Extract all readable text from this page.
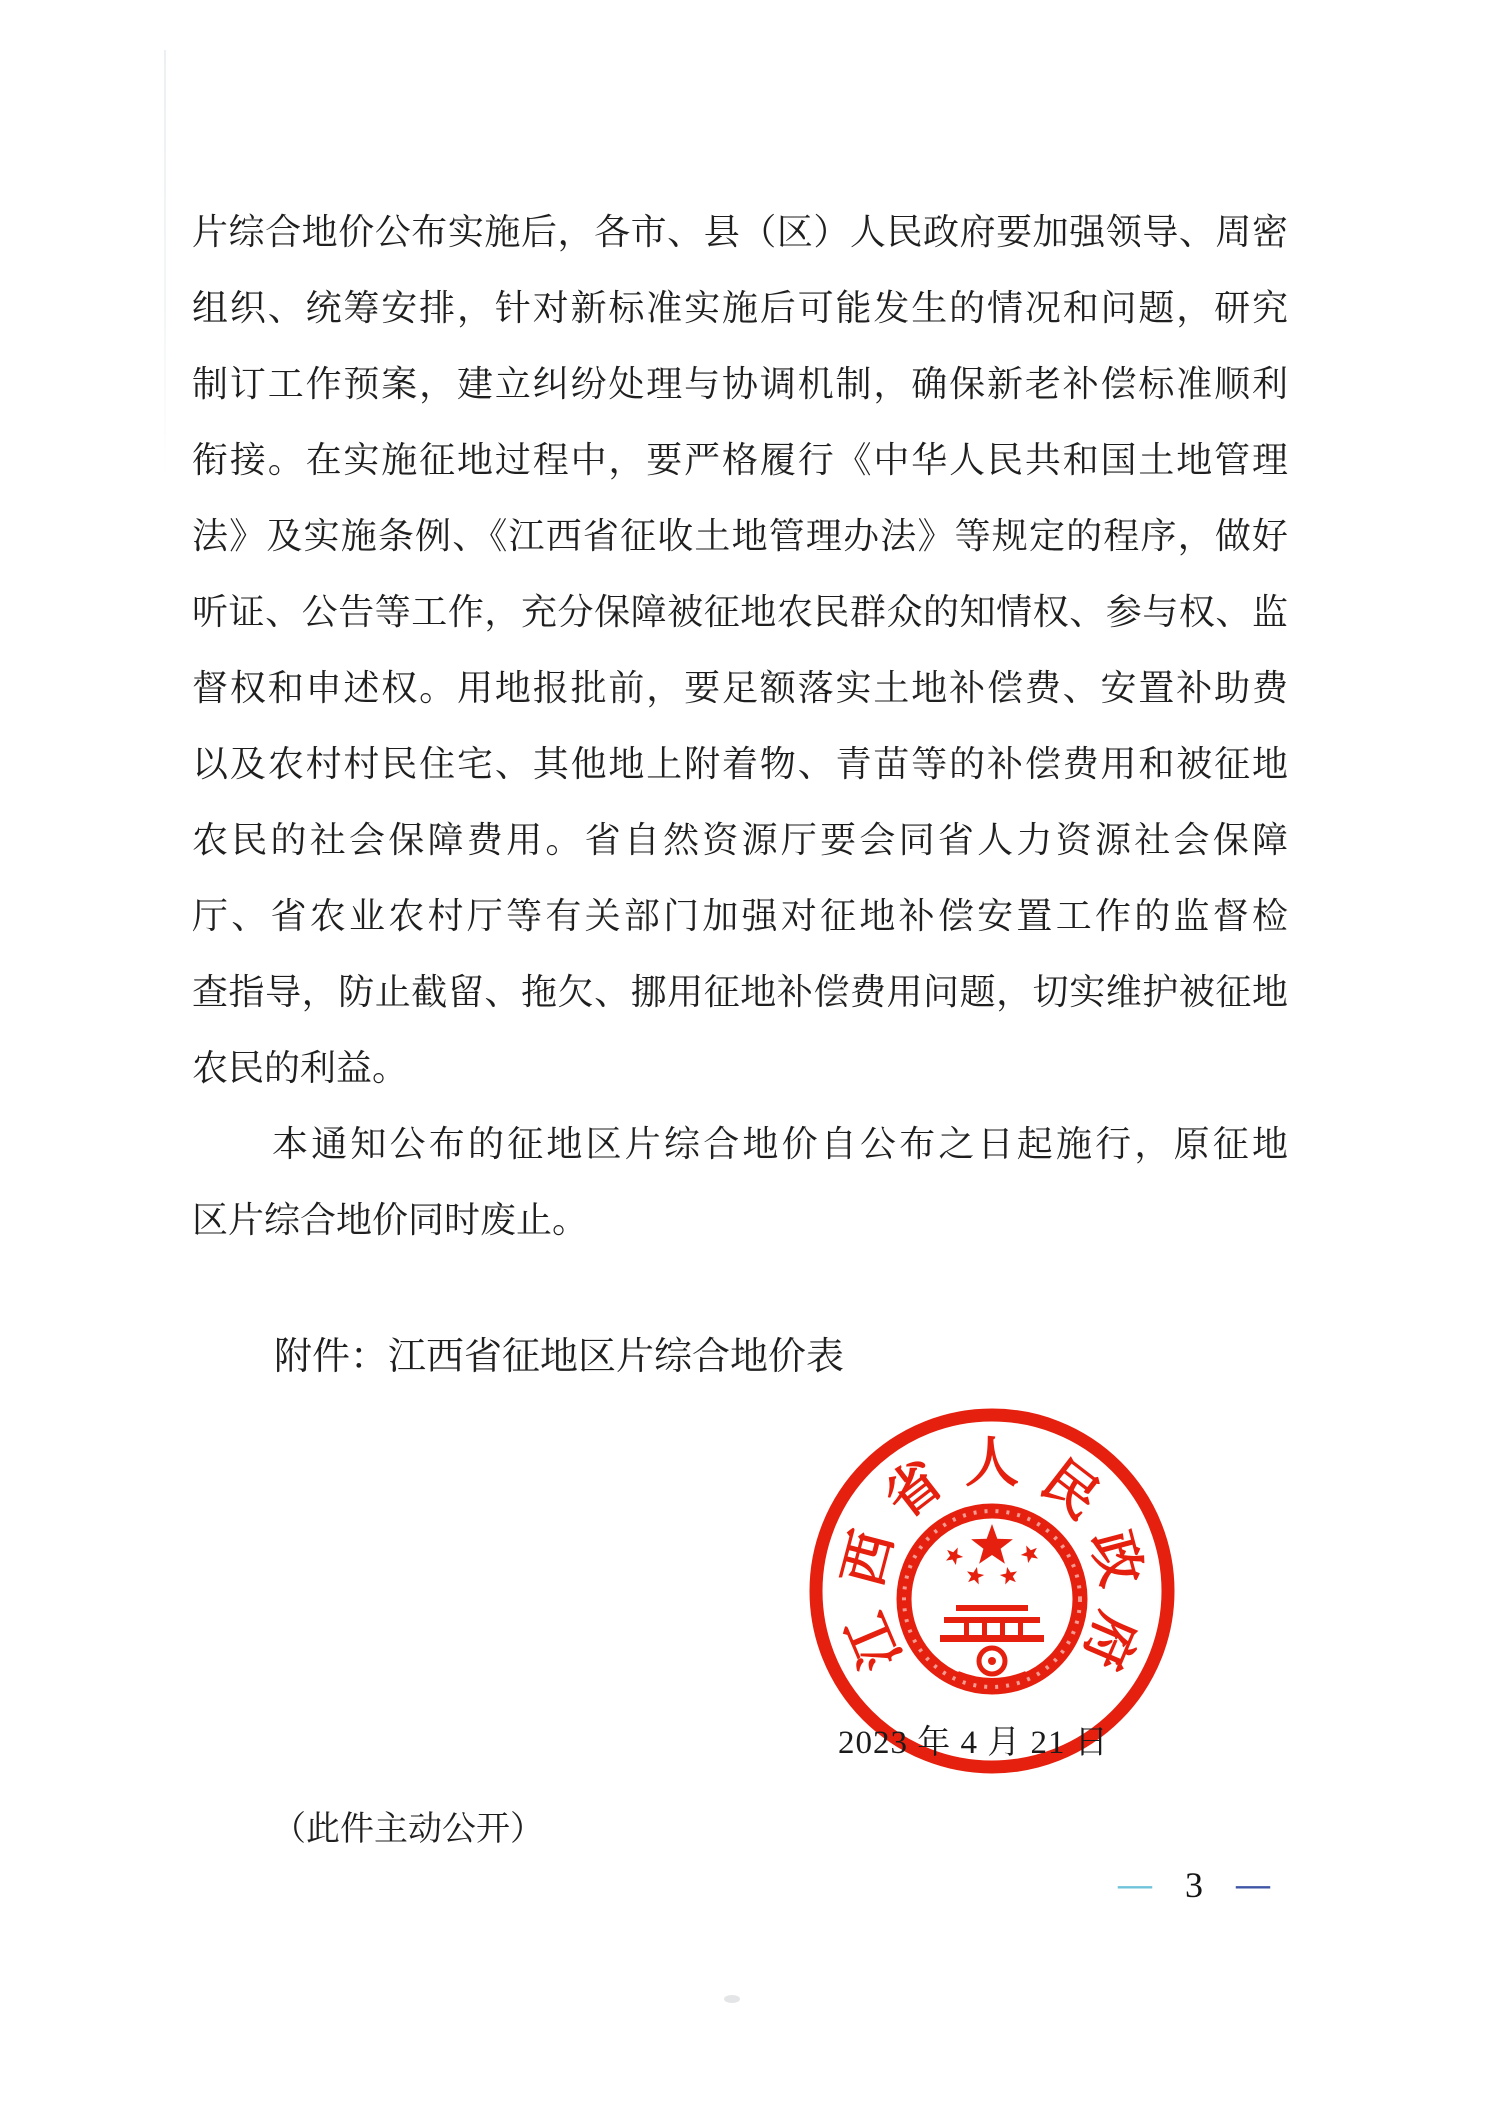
片综合地价公布实施后，各市、县（区）人民政府要加强领导、周密
组织、统筹安排，针对新标准实施后可能发生的情况和问题，研究
制订工作预案，建立纠纷处理与协调机制，确保新老补偿标准顺利
衔接。在实施征地过程中，要严格履行《中华人民共和国土地管理
法》及实施条例、《江西省征收土地管理办法》等规定的程序，做好
听证、公告等工作，充分保障被征地农民群众的知情权、参与权、监
督权和申述权。用地报批前，要足额落实土地补偿费、安置补助费
以及农村村民住宅、其他地上附着物、青苗等的补偿费用和被征地
农民的社会保障费用。省自然资源厅要会同省人力资源社会保障
厅、省农业农村厅等有关部门加强对征地补偿安置工作的监督检
查指导，防止截留、拖欠、挪用征地补偿费用问题，切实维护被征地
农民的利益。
本通知公布的征地区片综合地价自公布之日起施行，原征地
区片综合地价同时废止。
附件：江西省征地区片综合地价表
江
西
省 人 民
政
府
2023 年 4 月 21 日
（此件主动公开）
— 3 —
